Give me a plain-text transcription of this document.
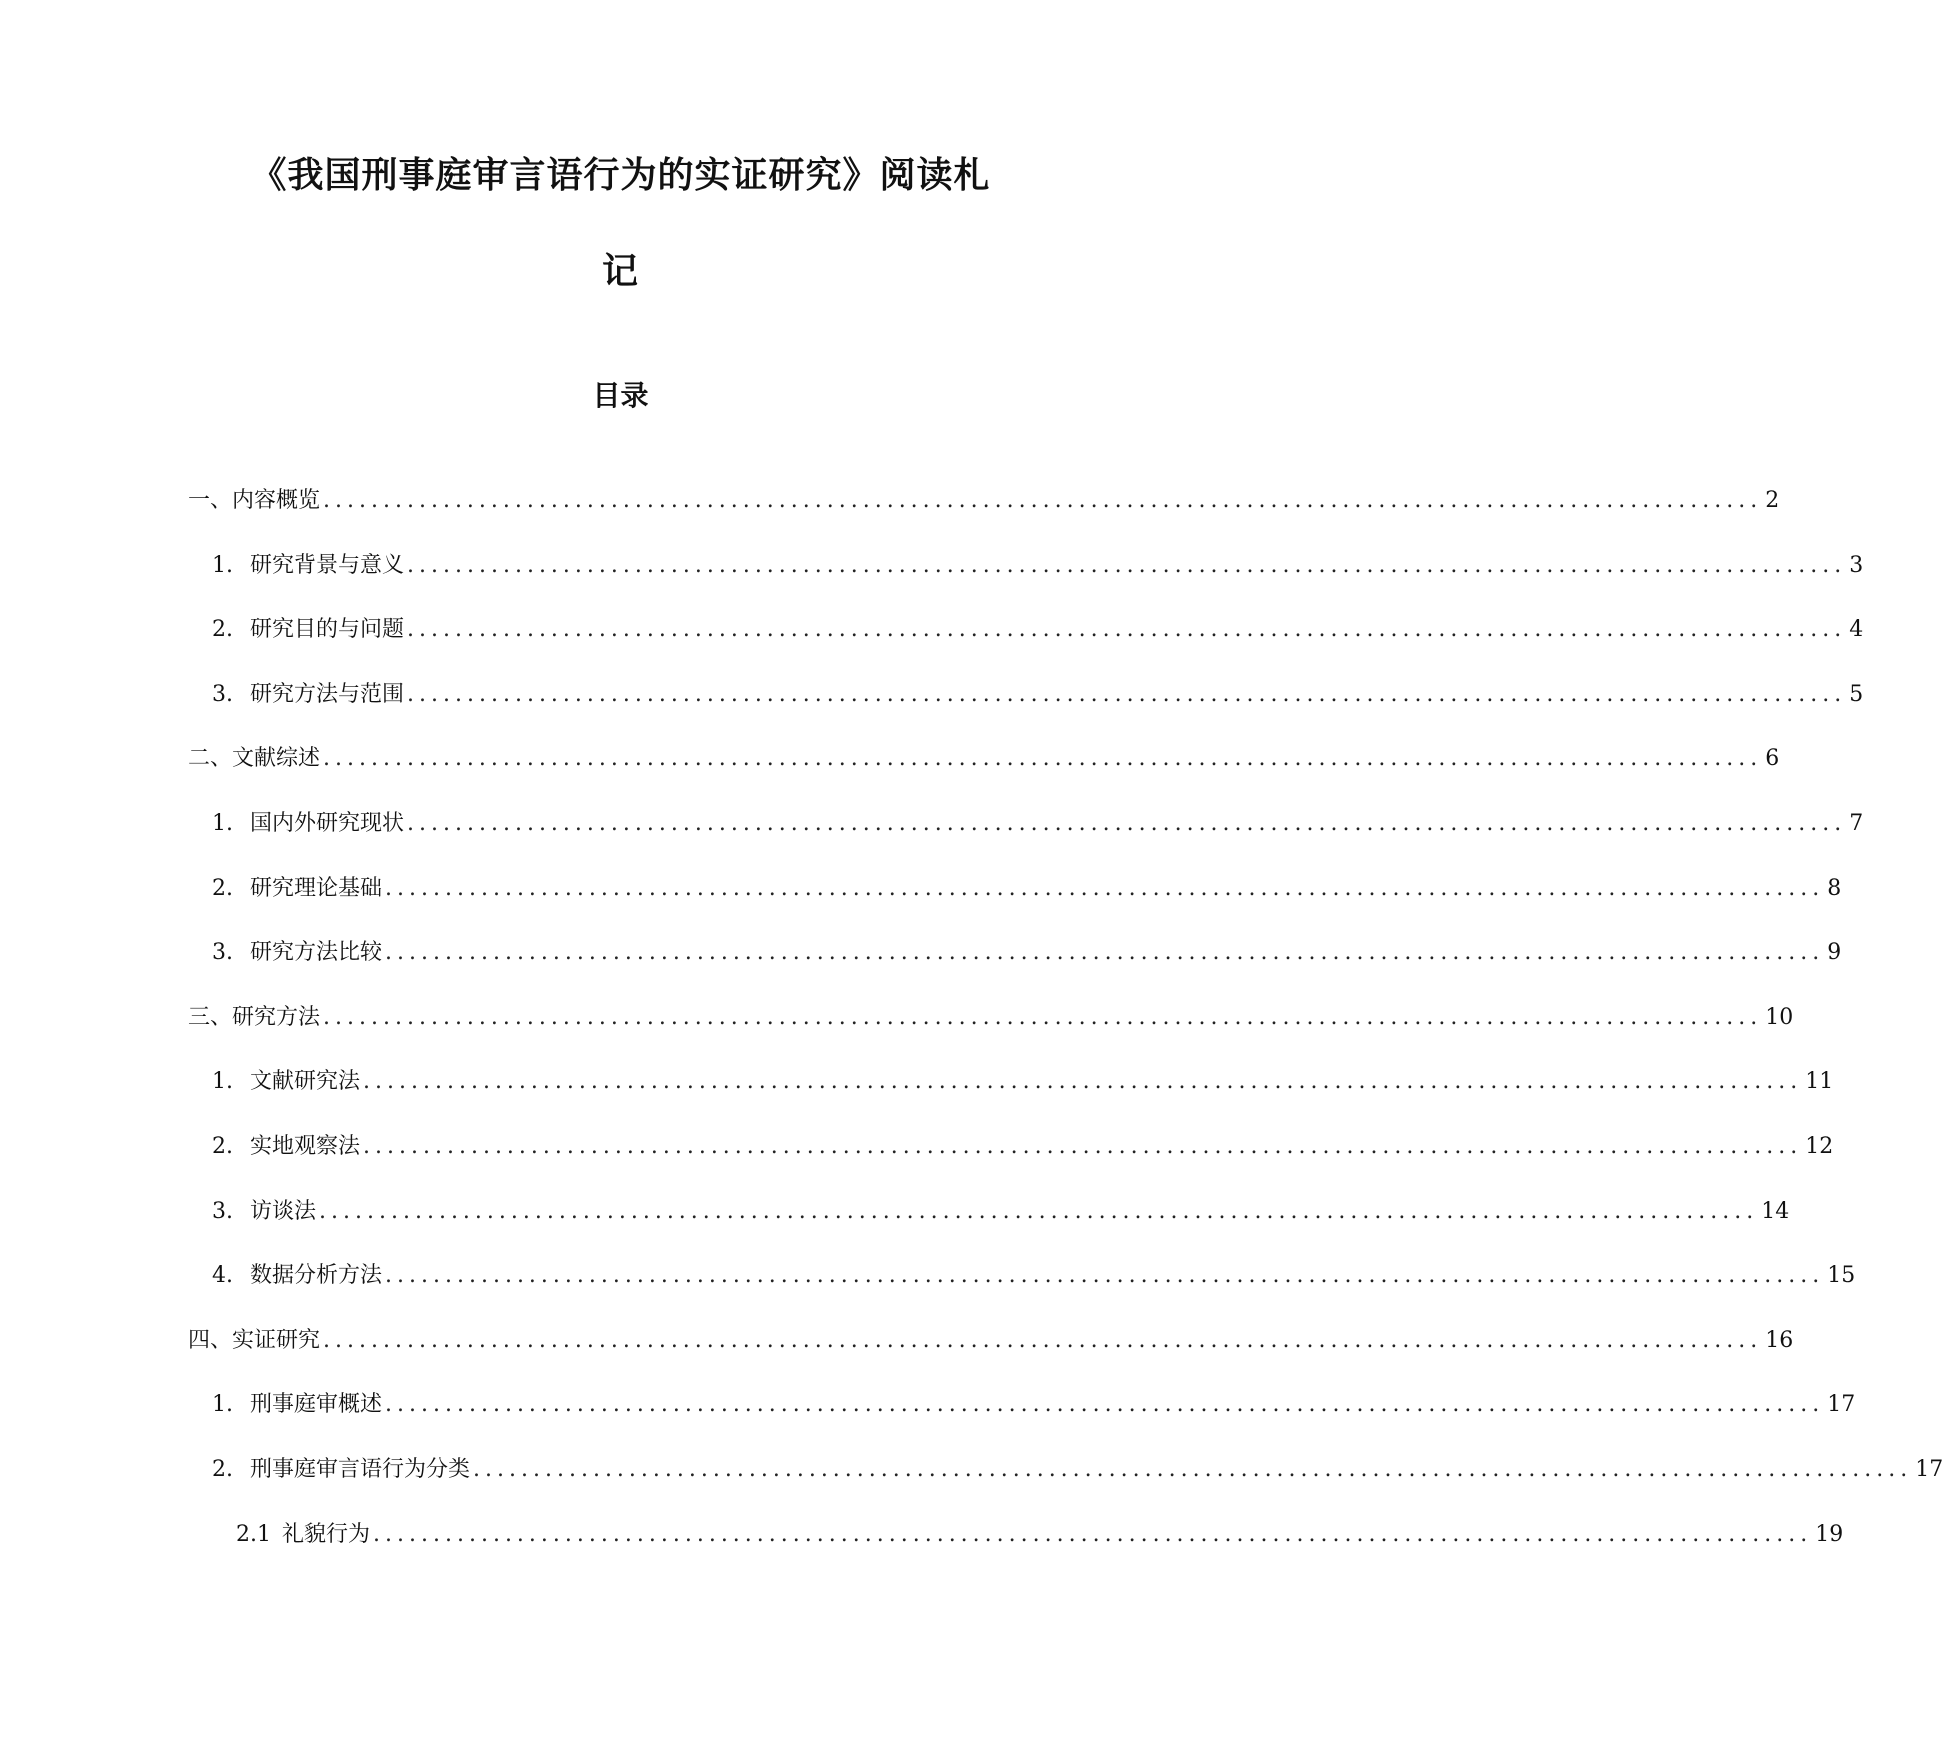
《我国刑事庭审言语行为的实证研究》阅读札
记
目录
一、内容概览 ........................................................................................................................ 2
1. 研究背景与意义 ........................................................................................................................ 3
2. 研究目的与问题 ........................................................................................................................ 4
3. 研究方法与范围 ........................................................................................................................ 5
二、文献综述 ........................................................................................................................ 6
1. 国内外研究现状 ........................................................................................................................ 7
2. 研究理论基础 ........................................................................................................................ 8
3. 研究方法比较 ........................................................................................................................ 9
三、研究方法 ........................................................................................................................ 10
1. 文献研究法 ........................................................................................................................ 11
2. 实地观察法 ........................................................................................................................ 12
3. 访谈法 ........................................................................................................................ 14
4. 数据分析方法 ........................................................................................................................ 15
四、实证研究 ........................................................................................................................ 16
1. 刑事庭审概述 ........................................................................................................................ 17
2. 刑事庭审言语行为分类 ........................................................................................................................ 17
2.1 礼貌行为 ........................................................................................................................ 19
